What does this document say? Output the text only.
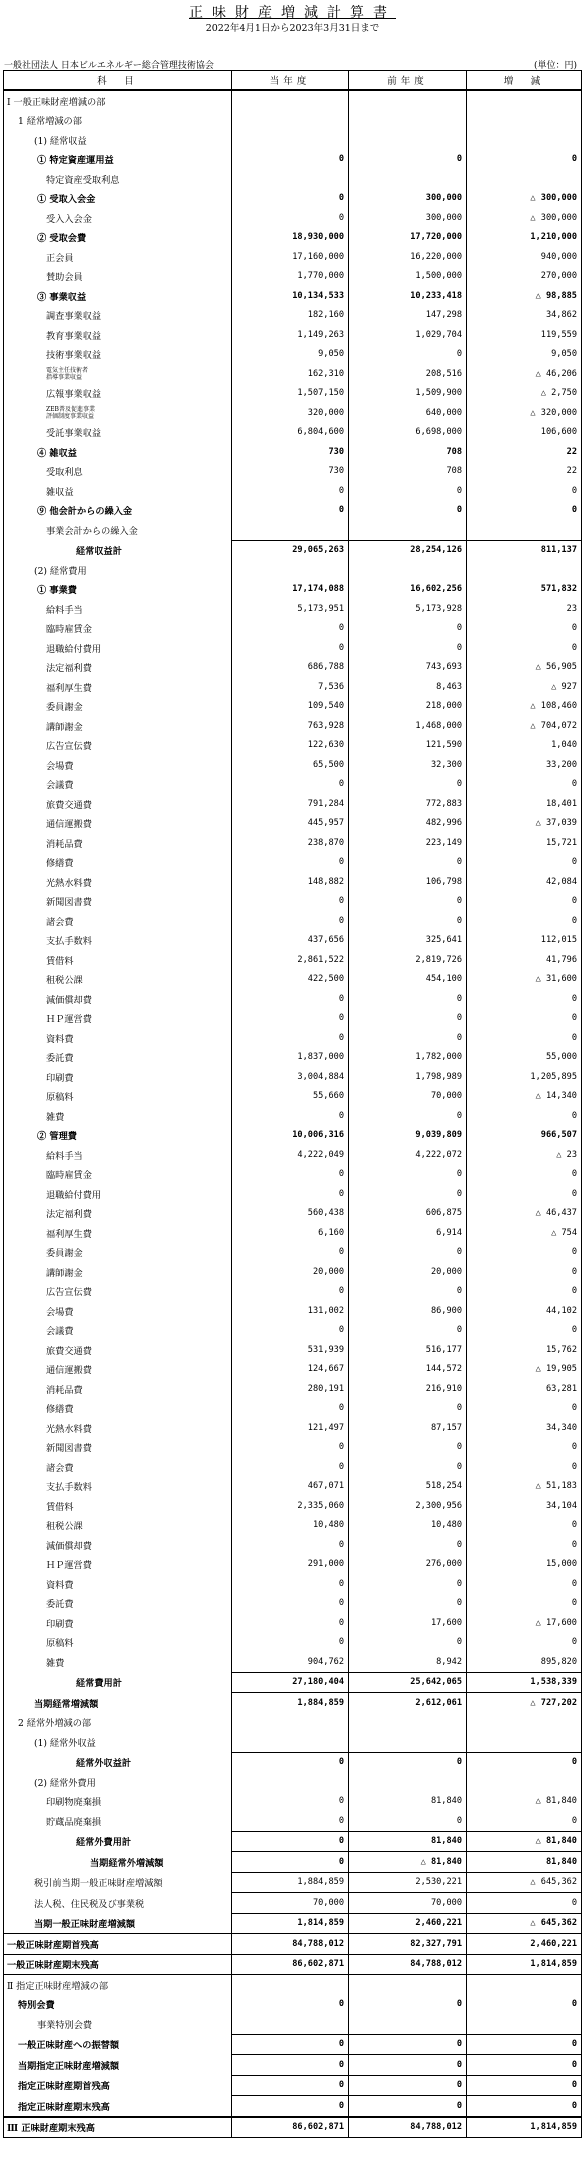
正味財産増減計算書
2022年4月1日から2023年3月31日まで
一般社団法人 日本ビルエネルギー総合管理技術協会	(単位：円)
科　目	当年度	前年度	増　減
Ⅰ 一般正味財産増減の部			
1 経常増減の部			
(1) 経常収益			
① 特定資産運用益	0	0	0
特定資産受取利息			
① 受取入会金	0	300,000	△ 300,000
受入入会金	0	300,000	△ 300,000
② 受取会費	18,930,000	17,720,000	1,210,000
正会員	17,160,000	16,220,000	940,000
賛助会員	1,770,000	1,500,000	270,000
③ 事業収益	10,134,533	10,233,418	△ 98,885
調査事業収益	182,160	147,298	34,862
教育事業収益	1,149,263	1,029,704	119,559
技術事業収益	9,050	0	9,050
電気主任技術者
指導事業収益	162,310	208,516	△ 46,206
広報事業収益	1,507,150	1,509,900	△ 2,750
ZEB普及促進事業
評価制度事業収益	320,000	640,000	△ 320,000
受託事業収益	6,804,600	6,698,000	106,600
④ 雑収益	730	708	22
受取利息	730	708	22
雑収益	0	0	0
⑨ 他会計からの繰入金	0	0	0
事業会計からの繰入金			
経常収益計	29,065,263	28,254,126	811,137
(2) 経常費用			
① 事業費	17,174,088	16,602,256	571,832
給料手当	5,173,951	5,173,928	23
臨時雇賃金	0	0	0
退職給付費用	0	0	0
法定福利費	686,788	743,693	△ 56,905
福利厚生費	7,536	8,463	△ 927
委員謝金	109,540	218,000	△ 108,460
講師謝金	763,928	1,468,000	△ 704,072
広告宣伝費	122,630	121,590	1,040
会場費	65,500	32,300	33,200
会議費	0	0	0
旅費交通費	791,284	772,883	18,401
通信運搬費	445,957	482,996	△ 37,039
消耗品費	238,870	223,149	15,721
修繕費	0	0	0
光熱水料費	148,882	106,798	42,084
新聞図書費	0	0	0
諸会費	0	0	0
支払手数料	437,656	325,641	112,015
賃借料	2,861,522	2,819,726	41,796
租税公課	422,500	454,100	△ 31,600
減価償却費	0	0	0
ＨＰ運営費	0	0	0
資料費	0	0	0
委託費	1,837,000	1,782,000	55,000
印刷費	3,004,884	1,798,989	1,205,895
原稿料	55,660	70,000	△ 14,340
雑費	0	0	0
② 管理費	10,006,316	9,039,809	966,507
給料手当	4,222,049	4,222,072	△ 23
臨時雇賃金	0	0	0
退職給付費用	0	0	0
法定福利費	560,438	606,875	△ 46,437
福利厚生費	6,160	6,914	△ 754
委員謝金	0	0	0
講師謝金	20,000	20,000	0
広告宣伝費	0	0	0
会場費	131,002	86,900	44,102
会議費	0	0	0
旅費交通費	531,939	516,177	15,762
通信運搬費	124,667	144,572	△ 19,905
消耗品費	280,191	216,910	63,281
修繕費	0	0	0
光熱水料費	121,497	87,157	34,340
新聞図書費	0	0	0
諸会費	0	0	0
支払手数料	467,071	518,254	△ 51,183
賃借料	2,335,060	2,300,956	34,104
租税公課	10,480	10,480	0
減価償却費	0	0	0
ＨＰ運営費	291,000	276,000	15,000
資料費	0	0	0
委託費	0	0	0
印刷費	0	17,600	△ 17,600
原稿料	0	0	0
雑費	904,762	8,942	895,820
経常費用計	27,180,404	25,642,065	1,538,339
当期経常増減額	1,884,859	2,612,061	△ 727,202
2 経常外増減の部			
(1) 経常外収益			
経常外収益計	0	0	0
(2) 経常外費用			
印刷物廃棄損	0	81,840	△ 81,840
貯蔵品廃棄損	0	0	0
経常外費用計	0	81,840	△ 81,840
当期経常外増減額	0	△ 81,840	81,840
税引前当期一般正味財産増減額	1,884,859	2,530,221	△ 645,362
法人税、住民税及び事業税	70,000	70,000	0
当期一般正味財産増減額	1,814,859	2,460,221	△ 645,362
一般正味財産期首残高	84,788,012	82,327,791	2,460,221
一般正味財産期末残高	86,602,871	84,788,012	1,814,859
Ⅱ 指定正味財産増減の部			
特別会費	0	0	0
事業特別会費			
一般正味財産への振替額	0	0	0
当期指定正味財産増減額	0	0	0
指定正味財産期首残高	0	0	0
指定正味財産期末残高	0	0	0
Ⅲ 正味財産期末残高	86,602,871	84,788,012	1,814,859
